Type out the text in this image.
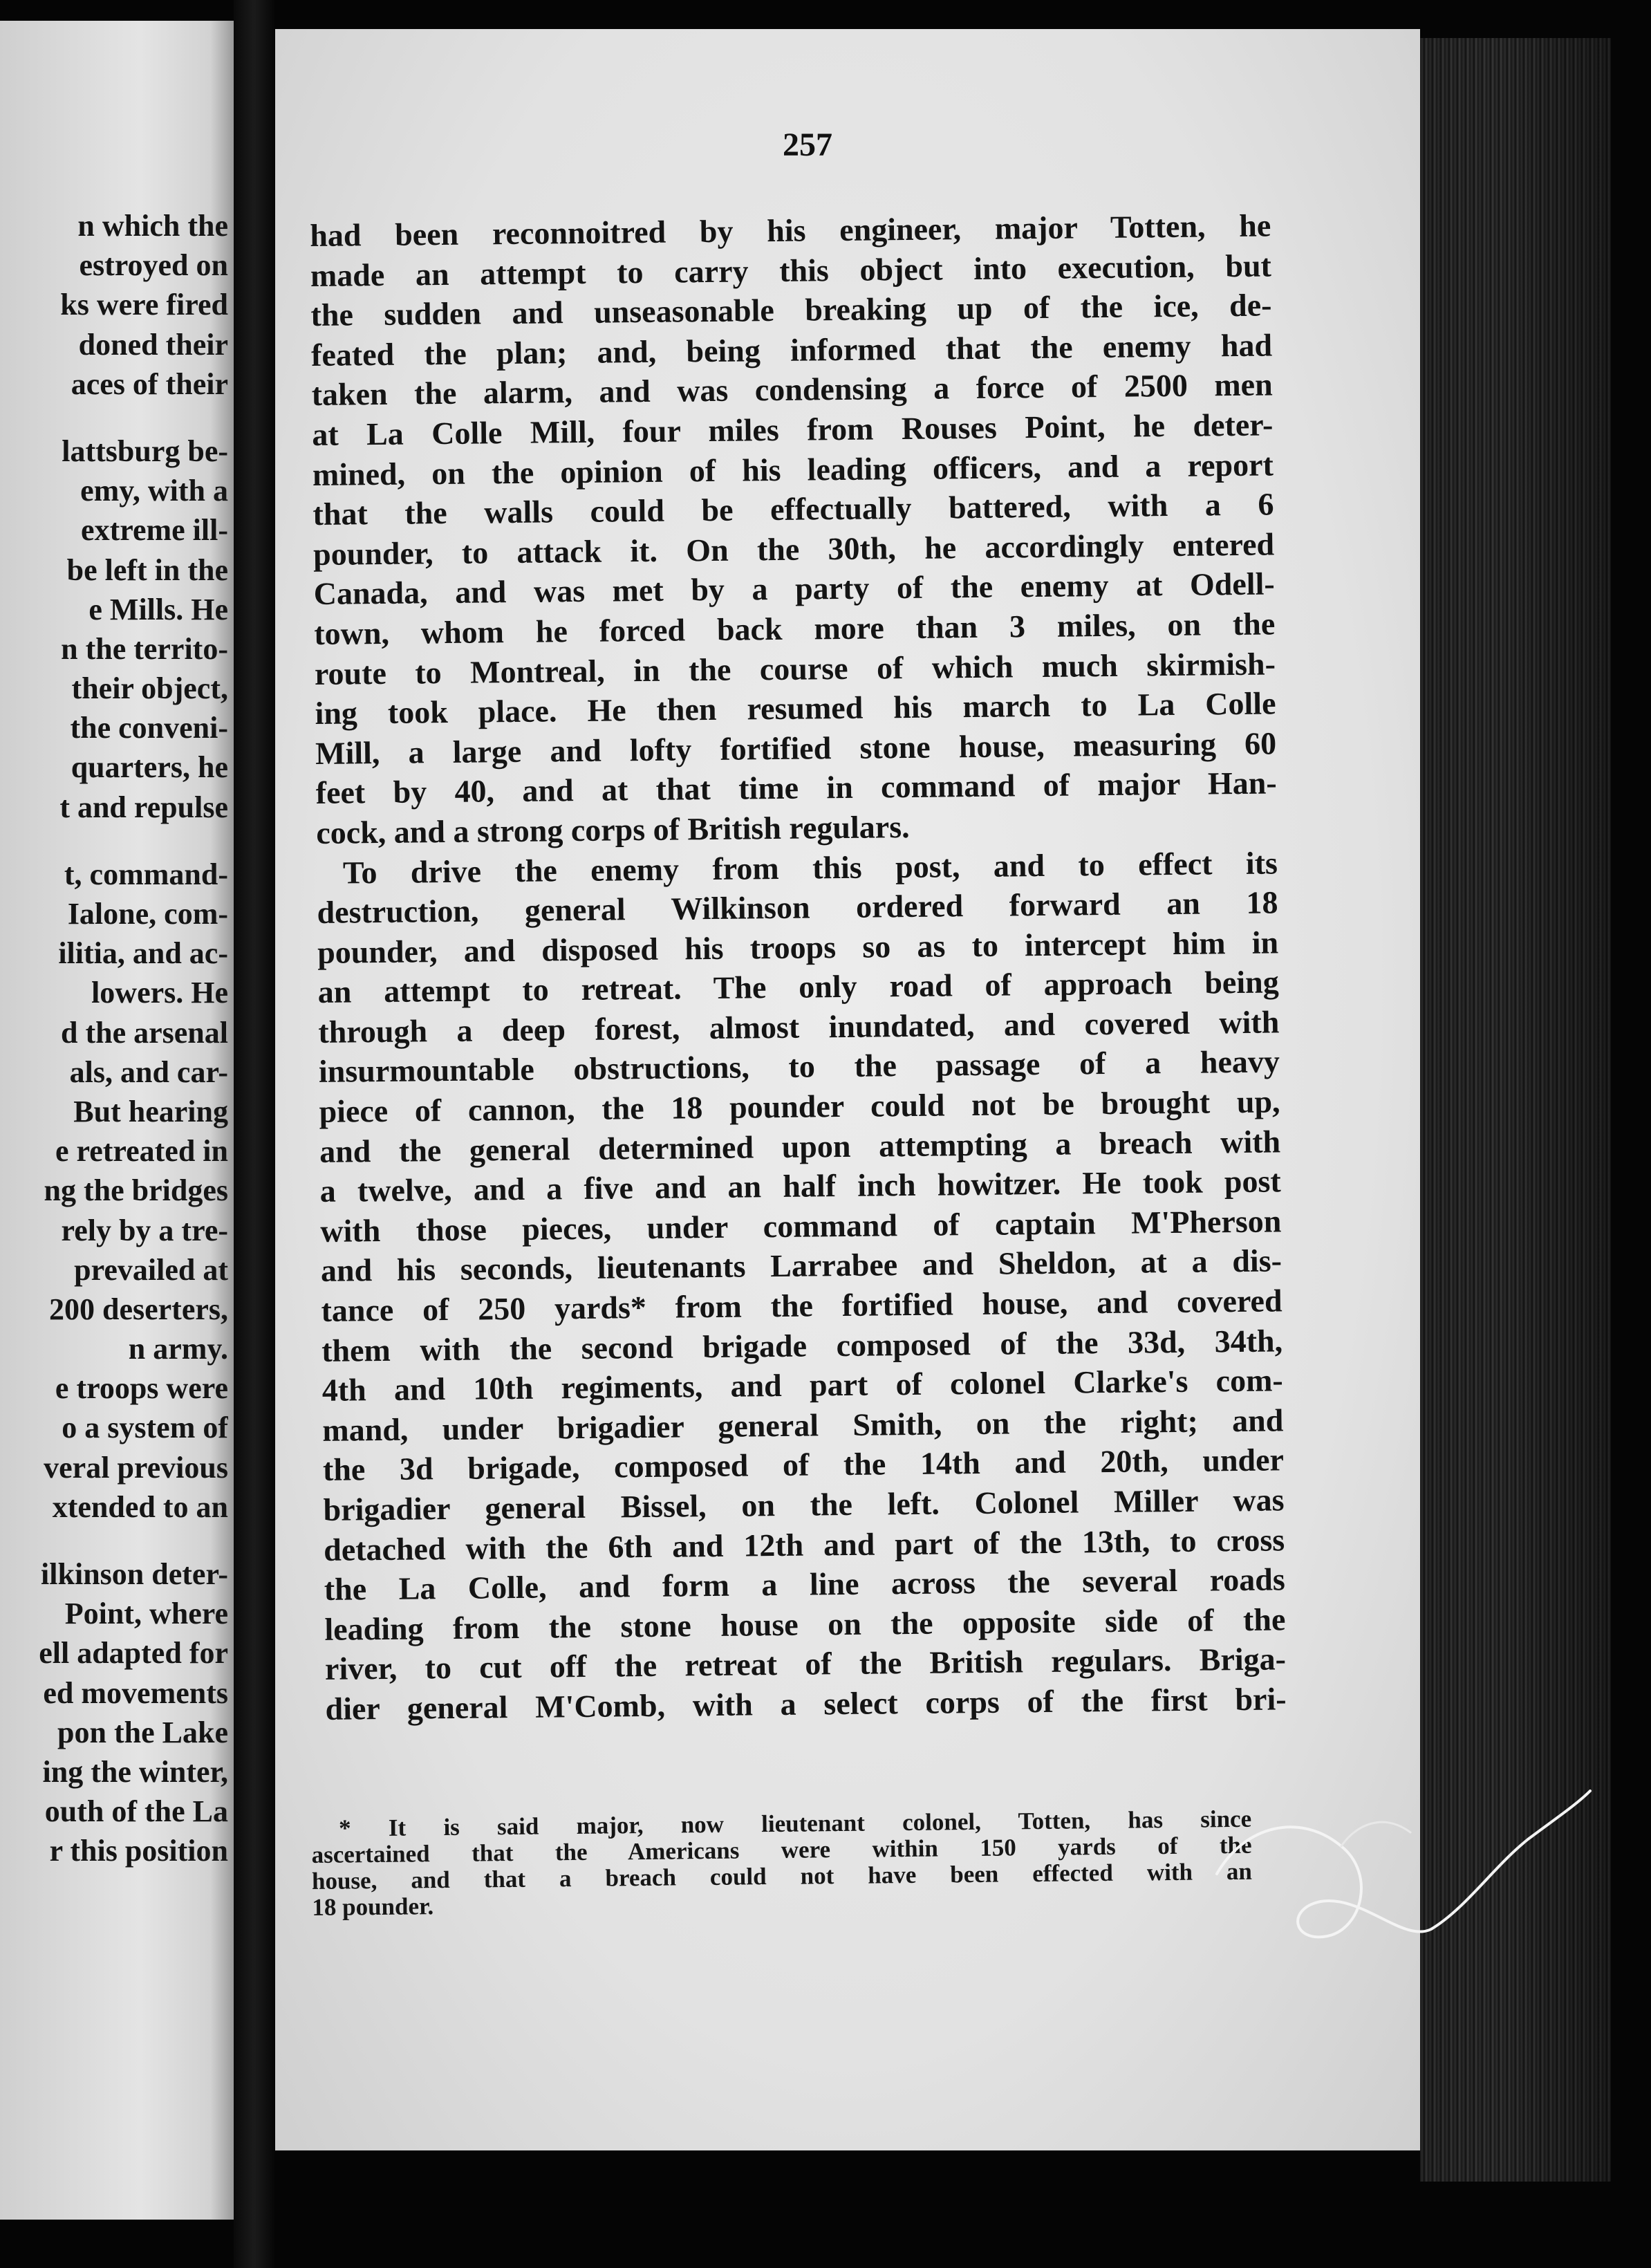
n which the
estroyed on
ks were fired
doned their
aces of their
lattsburg be-
emy, with a
extreme ill-
be left in the
e Mills. He
n the territo-
their object,
the conveni-
quarters, he
t and repulse
t, command-
Ialone, com-
ilitia, and ac-
lowers. He
d the arsenal
als, and car-
But hearing
e retreated in
ng the bridges
rely by a tre-
prevailed at
200 deserters,
n army.
e troops were
o a system of
veral previous
xtended to an
ilkinson deter-
Point, where
ell adapted for
ed movements
pon the Lake
ing the winter,
outh of the La
r this position
257
had been reconnoitred by his engineer, major Totten, he
made an attempt to carry this object into execution, but
the sudden and unseasonable breaking up of the ice, de-
feated the plan; and, being informed that the enemy had
taken the alarm, and was condensing a force of 2500 men
at La Colle Mill, four miles from Rouses Point, he deter-
mined, on the opinion of his leading officers, and a report
that the walls could be effectually battered, with a 6
pounder, to attack it. On the 30th, he accordingly entered
Canada, and was met by a party of the enemy at Odell-
town, whom he forced back more than 3 miles, on the
route to Montreal, in the course of which much skirmish-
ing took place. He then resumed his march to La Colle
Mill, a large and lofty fortified stone house, measuring 60
feet by 40, and at that time in command of major Han-
cock, and a strong corps of British regulars.
To drive the enemy from this post, and to effect its
destruction, general Wilkinson ordered forward an 18
pounder, and disposed his troops so as to intercept him in
an attempt to retreat. The only road of approach being
through a deep forest, almost inundated, and covered with
insurmountable obstructions, to the passage of a heavy
piece of cannon, the 18 pounder could not be brought up,
and the general determined upon attempting a breach with
a twelve, and a five and an half inch howitzer. He took post
with those pieces, under command of captain M'Pherson
and his seconds, lieutenants Larrabee and Sheldon, at a dis-
tance of 250 yards* from the fortified house, and covered
them with the second brigade composed of the 33d, 34th,
4th and 10th regiments, and part of colonel Clarke's com-
mand, under brigadier general Smith, on the right; and
the 3d brigade, composed of the 14th and 20th, under
brigadier general Bissel, on the left. Colonel Miller was
detached with the 6th and 12th and part of the 13th, to cross
the La Colle, and form a line across the several roads
leading from the stone house on the opposite side of the
river, to cut off the retreat of the British regulars. Briga-
dier general M'Comb, with a select corps of the first bri-
* It is said major, now lieutenant colonel, Totten, has since
ascertained that the Americans were within 150 yards of the
house, and that a breach could not have been effected with an
18 pounder.
